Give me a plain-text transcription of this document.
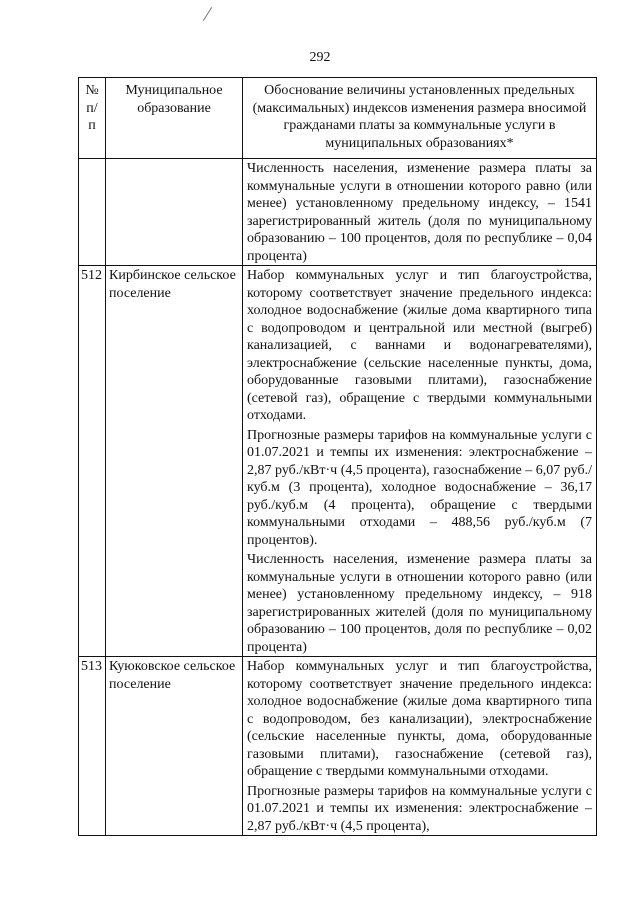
292
№ п/п	Муниципальное образование	Обоснование величины установленных предельных (максимальных) индексов изменения размера вносимой гражданами платы за коммунальные услуги в муниципальных образованиях*

		Численность населения, изменение размера платы за коммунальные услуги в отношении которого равно (или менее) установленному предельному индексу, – 1541 зарегистрированный житель (доля по муниципальному образованию – 100 процентов, доля по республике – 0,04 процента)

512	Кирбинское сельское поселение	Набор коммунальных услуг и тип благоустройства, которому соответствует значение предельного индекса: холодное водоснабжение (жилые дома квартирного типа с водопроводом и центральной или местной (выгреб) канализацией, с ваннами и водонагревателями), электроснабжение (сельские населенные пункты, дома, оборудованные газовыми плитами), газоснабжение (сетевой газ), обращение с твердыми коммунальными отходами.

Прогнозные размеры тарифов на коммунальные услуги с 01.07.2021 и темпы их изменения: электроснабжение – 2,87 руб./кВт·ч (4,5 процента), газоснабжение – 6,07 руб./куб.м (3 процента), холодное водоснабжение – 36,17 руб./куб.м (4 процента), обращение с твердыми коммунальными отходами – 488,56 руб./куб.м (7 процентов).

Численность населения, изменение размера платы за коммунальные услуги в отношении которого равно (или менее) установленному предельному индексу, – 918 зарегистрированных жителей (доля по муниципальному образованию – 100 процентов, доля по республике – 0,02 процента)

513	Куюковское сельское поселение	Набор коммунальных услуг и тип благоустройства, которому соответствует значение предельного индекса: холодное водоснабжение (жилые дома квартирного типа с водопроводом, без канализации), электроснабжение (сельские населенные пункты, дома, оборудованные газовыми плитами), газоснабжение (сетевой газ), обращение с твердыми коммунальными отходами.

Прогнозные размеры тарифов на коммунальные услуги с 01.07.2021 и темпы их изменения: электроснабжение – 2,87 руб./кВт·ч (4,5 процента),
